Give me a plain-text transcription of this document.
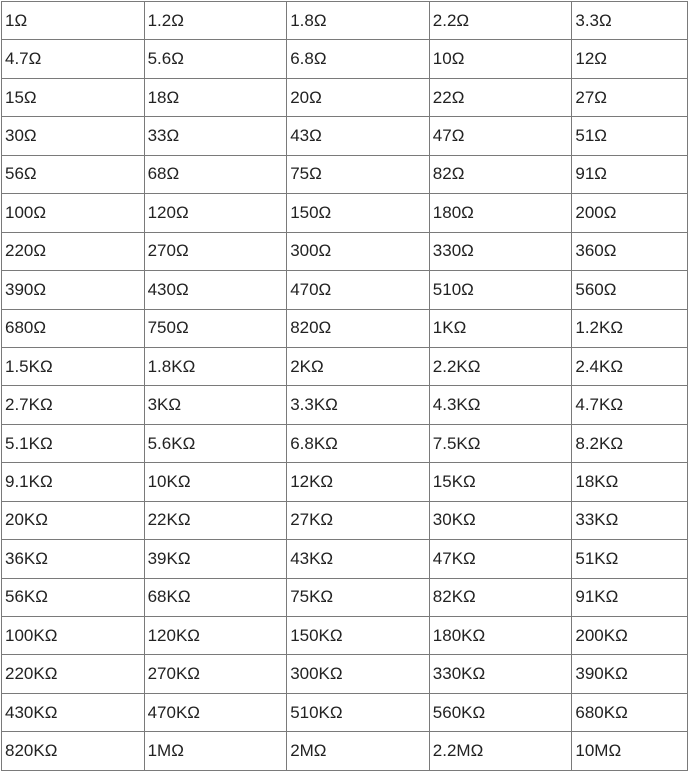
1Ω	1.2Ω	1.8Ω	2.2Ω	3.3Ω
4.7Ω	5.6Ω	6.8Ω	10Ω	12Ω
15Ω	18Ω	20Ω	22Ω	27Ω
30Ω	33Ω	43Ω	47Ω	51Ω
56Ω	68Ω	75Ω	82Ω	91Ω
100Ω	120Ω	150Ω	180Ω	200Ω
220Ω	270Ω	300Ω	330Ω	360Ω
390Ω	430Ω	470Ω	510Ω	560Ω
680Ω	750Ω	820Ω	1KΩ	1.2KΩ
1.5KΩ	1.8KΩ	2KΩ	2.2KΩ	2.4KΩ
2.7KΩ	3KΩ	3.3KΩ	4.3KΩ	4.7KΩ
5.1KΩ	5.6KΩ	6.8KΩ	7.5KΩ	8.2KΩ
9.1KΩ	10KΩ	12KΩ	15KΩ	18KΩ
20KΩ	22KΩ	27KΩ	30KΩ	33KΩ
36KΩ	39KΩ	43KΩ	47KΩ	51KΩ
56KΩ	68KΩ	75KΩ	82KΩ	91KΩ
100KΩ	120KΩ	150KΩ	180KΩ	200KΩ
220KΩ	270KΩ	300KΩ	330KΩ	390KΩ
430KΩ	470KΩ	510KΩ	560KΩ	680KΩ
820KΩ	1MΩ	2MΩ	2.2MΩ	10MΩ
